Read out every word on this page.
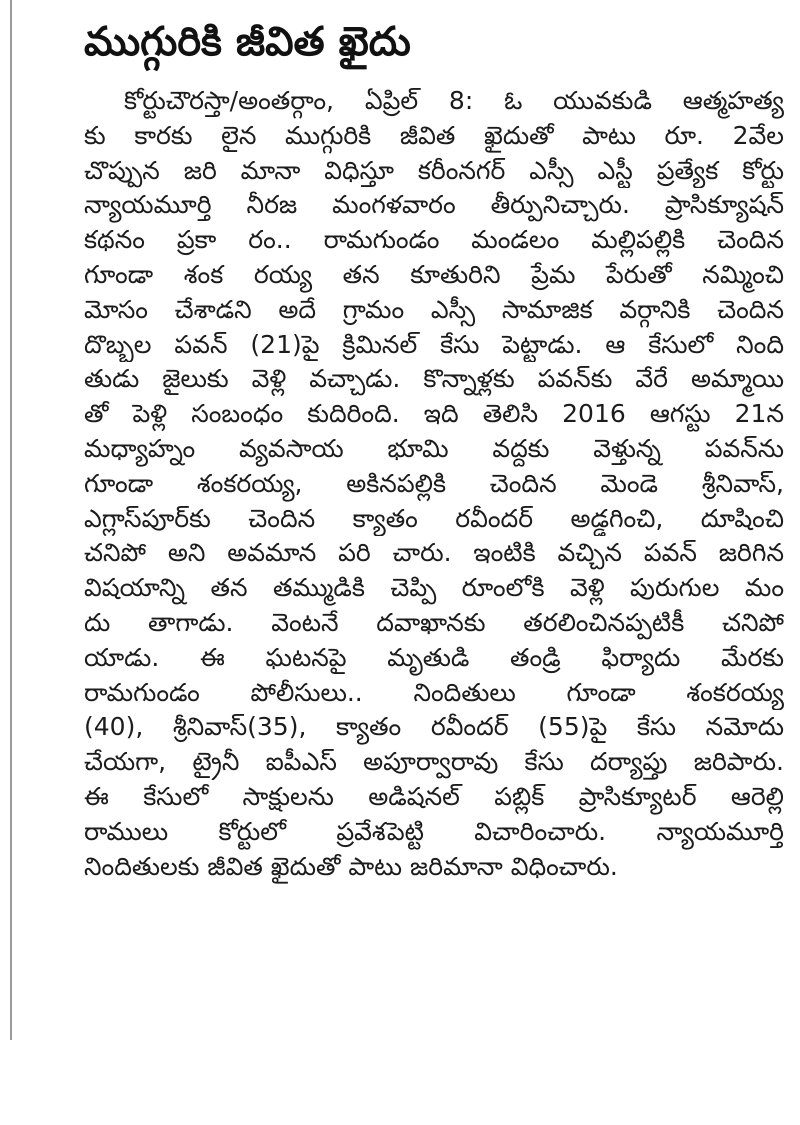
ముగ్గురికి జీవిత ఖైదు
కోర్టుచౌరస్తా/అంతర్గాం, ఏప్రిల్ 8: ఓ యువకుడి ఆత్మహత్య
కు కారకు లైన ముగ్గురికి జీవిత ఖైదుతో పాటు రూ. 2వేల
చొప్పున జరి మానా విధిస్తూ కరీంనగర్ ఎస్సీ ఎస్టీ ప్రత్యేక కోర్టు
న్యాయమూర్తి నీరజ మంగళవారం తీర్పునిచ్చారు. ప్రాసిక్యూషన్
కథనం ప్రకా రం.. రామగుండం మండలం మల్లిపల్లికి చెందిన
గూండా శంక రయ్య తన కూతురిని ప్రేమ పేరుతో నమ్మించి
మోసం చేశాడని అదే గ్రామం ఎస్సీ సామాజిక వర్గానికి చెందిన
దొబ్బల పవన్ (21)పై క్రిమినల్ కేసు పెట్టాడు. ఆ కేసులో నింది
తుడు జైలుకు వెళ్లి వచ్చాడు. కొన్నాళ్లకు పవన్‌కు వేరే అమ్మాయి
తో పెళ్లి సంబంధం కుదిరింది. ఇది తెలిసి 2016 ఆగస్టు 21న
మధ్యాహ్నం వ్యవసాయ భూమి వద్దకు వెళ్తున్న పవన్‌ను
గూండా శంకరయ్య, అకినపల్లికి చెందిన మెండె శ్రీనివాస్,
ఎగ్లాస్‌పూర్‌కు చెందిన క్యాతం రవీందర్ అడ్డగించి, దూషించి
చనిపో అని అవమాన పరి చారు. ఇంటికి వచ్చిన పవన్ జరిగిన
విషయాన్ని తన తమ్ముడికి చెప్పి రూంలోకి వెళ్లి పురుగుల మం
దు తాగాడు. వెంటనే దవాఖానకు తరలించినప్పటికీ చనిపో
యాడు. ఈ ఘటనపై మృతుడి తండ్రి ఫిర్యాదు మేరకు
రామగుండం పోలీసులు.. నిందితులు గూండా శంకరయ్య
(40), శ్రీనివాస్(35), క్యాతం రవీందర్ (55)పై కేసు నమోదు
చేయగా, ట్రైనీ ఐపీఎస్ అపూర్వారావు కేసు దర్యాప్తు జరిపారు.
ఈ కేసులో సాక్షులను అడిషనల్ పబ్లిక్ ప్రాసిక్యూటర్ ఆరెల్లి
రాములు కోర్టులో ప్రవేశపెట్టి విచారించారు. న్యాయమూర్తి
నిందితులకు జీవిత ఖైదుతో పాటు జరిమానా విధించారు.
